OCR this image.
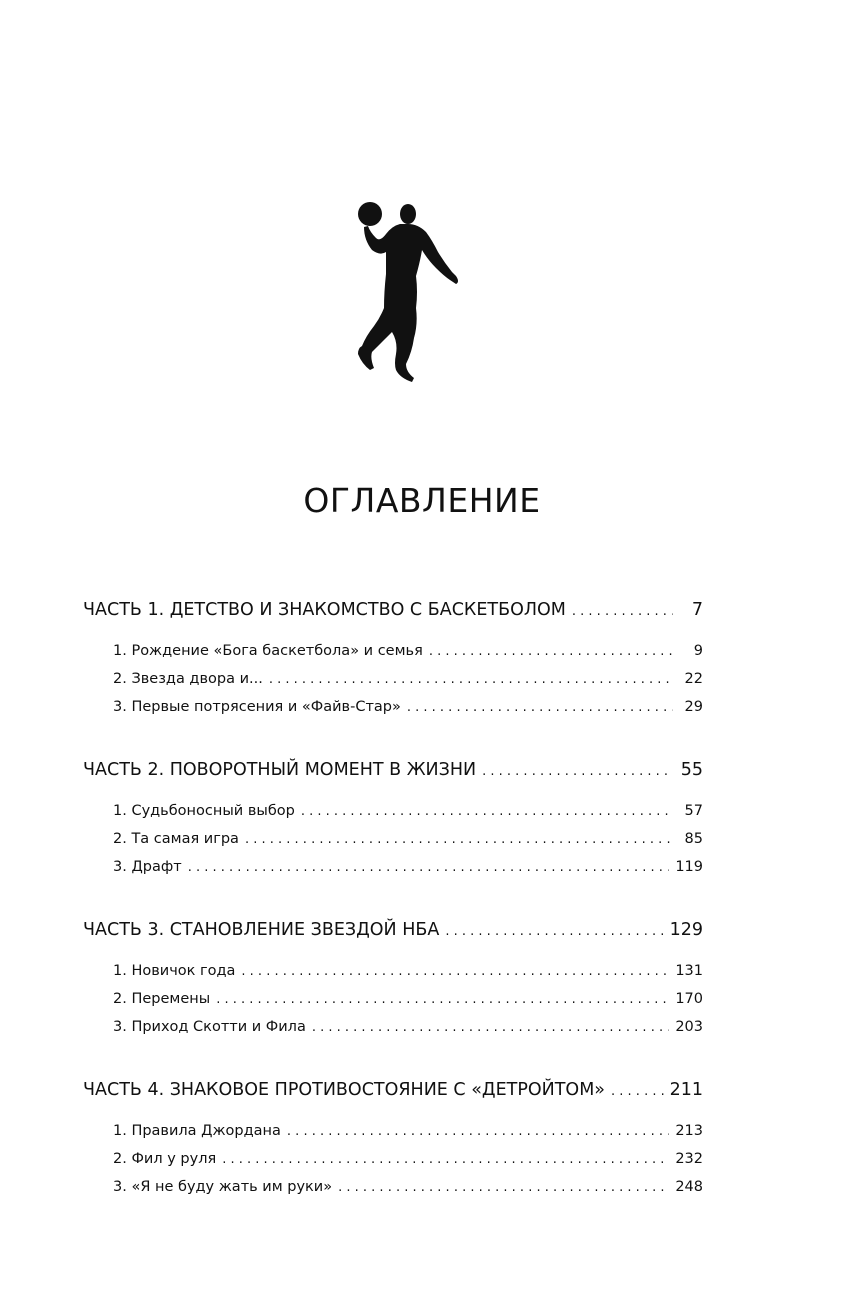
ОГЛАВЛЕНИЕ
ЧАСТЬ 1. ДЕТСТВО И ЗНАКОМСТВО С БАСКЕТБОЛОМ . . .	7
1. Рождение «Бога баскетбола» и семья . . .	9
2. Звезда двора и... . . .	22
3. Первые потрясения и «Файв-Стар» . . .	29
ЧАСТЬ 2. ПОВОРОТНЫЙ МОМЕНТ В ЖИЗНИ . . .	55
1. Судьбоносный выбор . . .	57
2. Та самая игра . . .	85
3. Драфт . . .	119
ЧАСТЬ 3. СТАНОВЛЕНИЕ ЗВЕЗДОЙ НБА . . .	129
1. Новичок года . . .	131
2. Перемены . . .	170
3. Приход Скотти и Фила . . .	203
ЧАСТЬ 4. ЗНАКОВОЕ ПРОТИВОСТОЯНИЕ С «ДЕТРОЙТОМ» . . .	211
1. Правила Джордана . . .	213
2. Фил у руля . . .	232
3. «Я не буду жать им руки» . . .	248
